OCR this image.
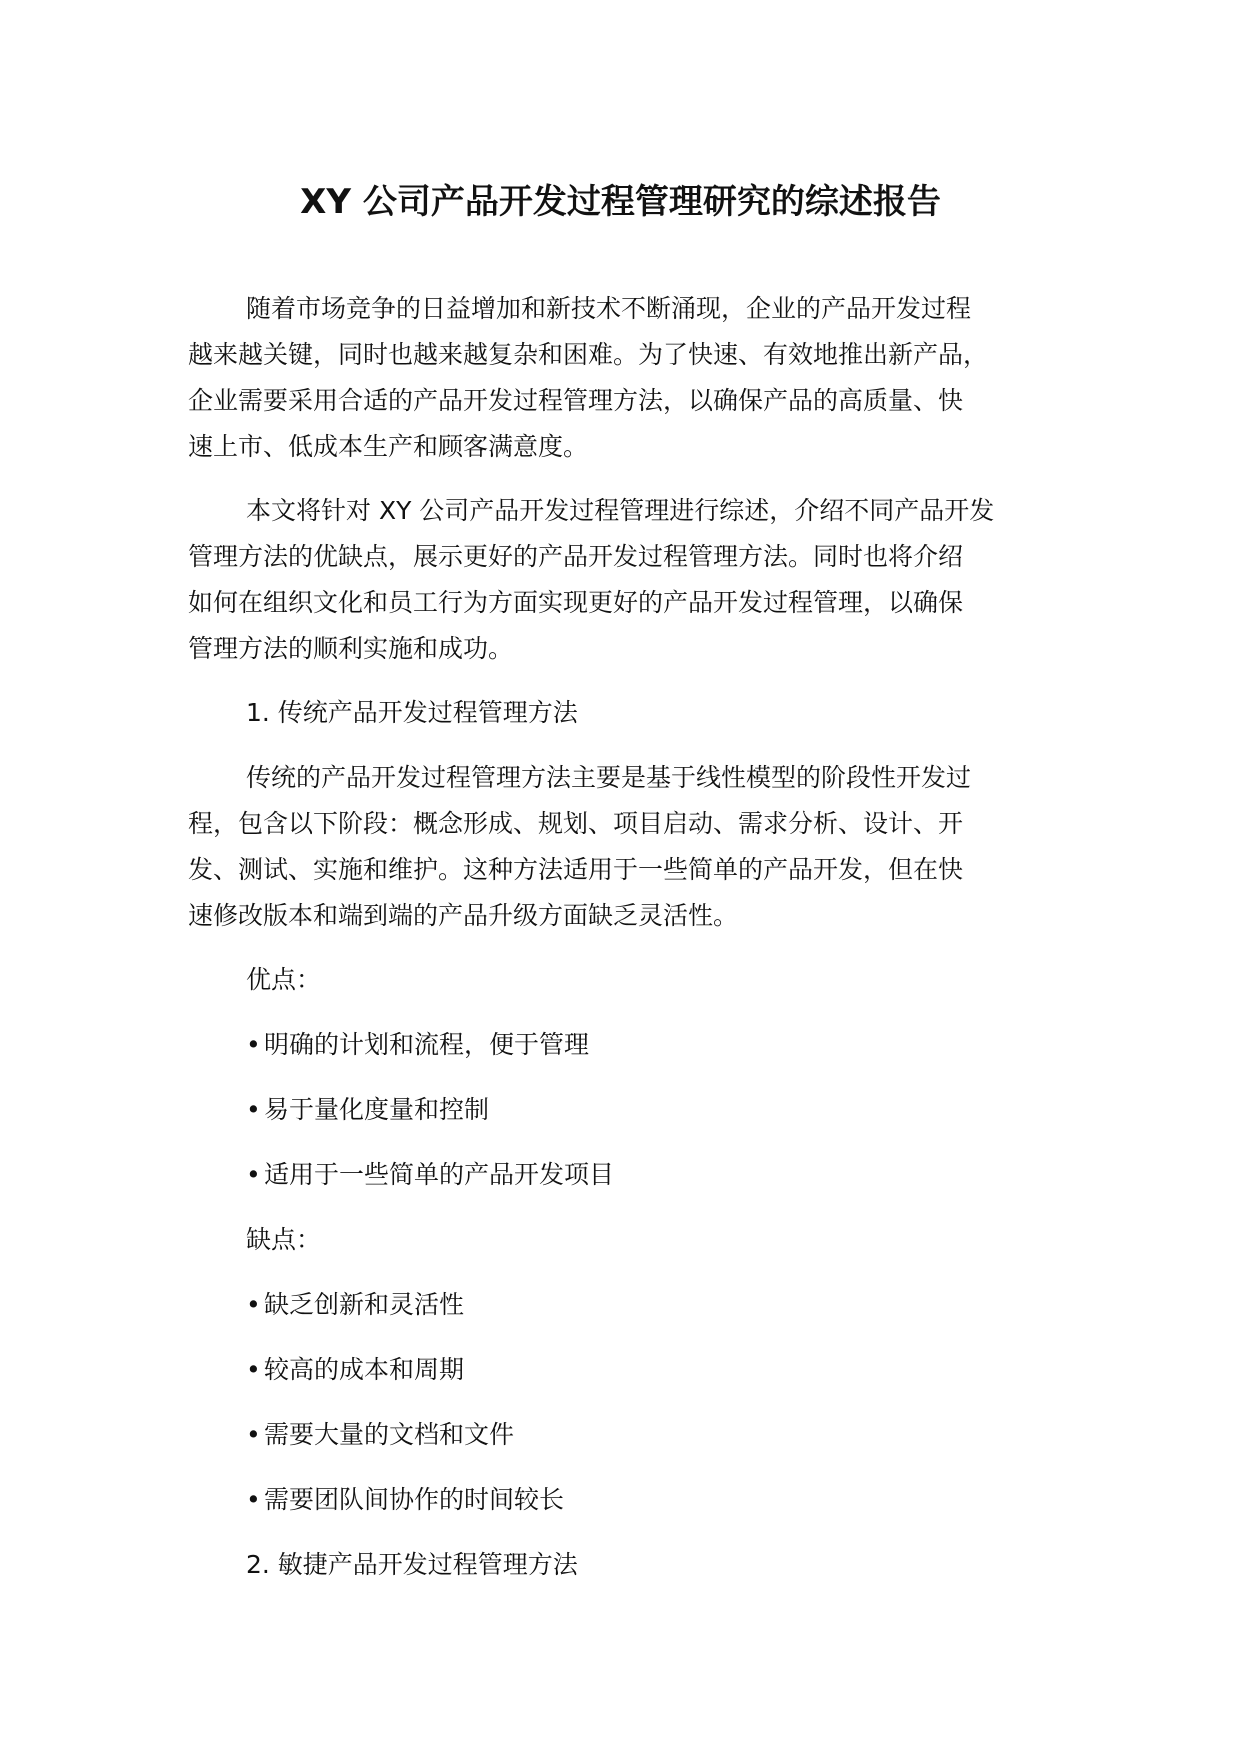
XY 公司产品开发过程管理研究的综述报告

随着市场竞争的日益增加和新技术不断涌现，企业的产品开发过程
越来越关键，同时也越来越复杂和困难。为了快速、有效地推出新产品，
企业需要采用合适的产品开发过程管理方法，以确保产品的高质量、快
速上市、低成本生产和顾客满意度。

本文将针对 XY 公司产品开发过程管理进行综述，介绍不同产品开发
管理方法的优缺点，展示更好的产品开发过程管理方法。同时也将介绍
如何在组织文化和员工行为方面实现更好的产品开发过程管理，以确保
管理方法的顺利实施和成功。

1. 传统产品开发过程管理方法

传统的产品开发过程管理方法主要是基于线性模型的阶段性开发过
程，包含以下阶段：概念形成、规划、项目启动、需求分析、设计、开
发、测试、实施和维护。这种方法适用于一些简单的产品开发，但在快
速修改版本和端到端的产品升级方面缺乏灵活性。

优点：
• 明确的计划和流程，便于管理
• 易于量化度量和控制
• 适用于一些简单的产品开发项目
缺点：
• 缺乏创新和灵活性
• 较高的成本和周期
• 需要大量的文档和文件
• 需要团队间协作的时间较长
2. 敏捷产品开发过程管理方法
